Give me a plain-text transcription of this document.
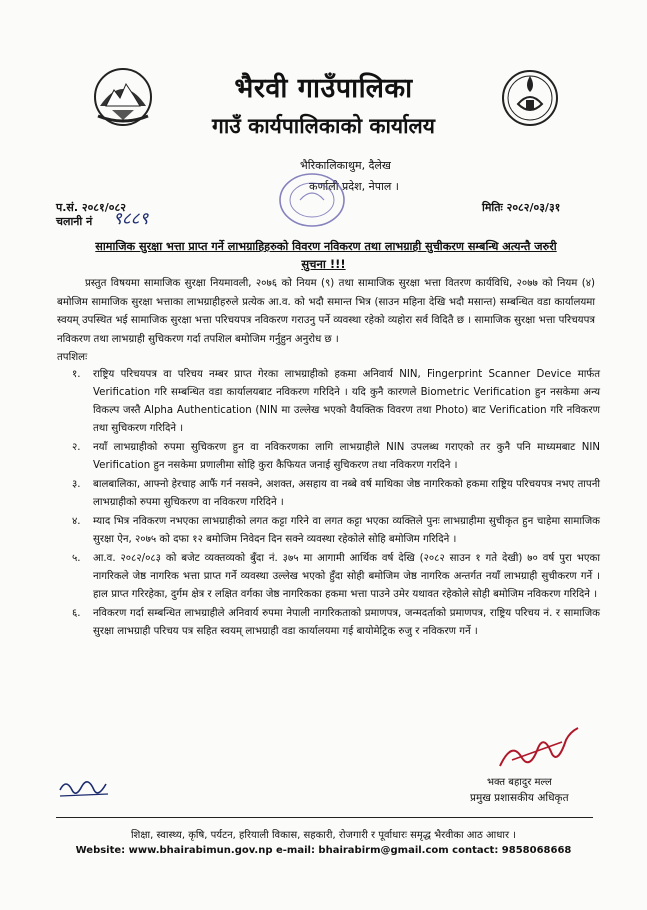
भैरवी गाउँपालिका
गाउँ कार्यपालिकाको कार्यालय
भैरिकालिकाथुम, दैलेख
कर्णाली प्रदेश, नेपाल ।
प.सं. २०८१/०८२	मितिः २०८२/०३/३१
चलानी नं ९८८९
सामाजिक सुरक्षा भत्ता प्राप्त गर्ने लाभग्राहिहरुको विवरण नविकरण तथा लाभग्राही सुचीकरण सम्बन्धि अत्यन्तै जरुरी
सुचना !!!
प्रस्तुत विषयमा सामाजिक सुरक्षा नियमावली, २०७६ को नियम (९) तथा सामाजिक सुरक्षा भत्ता वितरण कार्यविधि, २०७७ को नियम (४) बमोजिम सामाजिक सुरक्षा भत्ताका लाभग्राहीहरुले प्रत्येक आ.व. को भदौ समान्त भित्र (साउन महिना देखि भदौ मसान्त) सम्बन्धित वडा कार्यालयमा स्वयम् उपस्थित भई सामाजिक सुरक्षा भत्ता परिचयपत्र नविकरण गराउनु पर्ने व्यवस्था रहेको व्यहोरा सर्व विदितै छ । सामाजिक सुरक्षा भत्ता परिचयपत्र नविकरण तथा लाभग्राही सुचिकरण गर्दा तपशिल बमोजिम गर्नुहुन अनुरोध छ ।
तपशिलः
१. राष्ट्रिय परिचयपत्र वा परिचय नम्बर प्राप्त गेरका लाभग्राहीको हकमा अनिवार्य NIN, Fingerprint Scanner Device मार्फत Verification गरि सम्बन्धित वडा कार्यालयबाट नविकरण गरिदिने । यदि कुनै कारणले Biometric Verification हुन नसकेमा अन्य विकल्प जस्तै Alpha Authentication (NIN मा उल्लेख भएको वैयक्तिक विवरण तथा Photo) बाट Verification गरि नविकरण तथा सुचिकरण गरिदिने ।
२. नयाँ लाभग्राहीको रुपमा सुचिकरण हुन वा नविकरणका लागि लाभग्राहीले NIN उपलब्ध गराएको तर कुनै पनि माध्यमबाट NIN Verification हुन नसकेमा प्रणालीमा सोहि कुरा कैफियत जनाई सुचिकरण तथा नविकरण गरदिने ।
३. बालबालिका, आफ्नो हेरचाह आफैं गर्न नसक्ने, अशक्त, असहाय वा नब्बे वर्ष माथिका जेष्ठ नागरिकको हकमा राष्ट्रिय परिचयपत्र नभए तापनी लाभग्राहीको रुपमा सुचिकरण वा नविकरण गरिदिने ।
४. म्याद भित्र नविकरण नभएका लाभग्राहीको लगत कट्टा गरिने वा लगत कट्टा भएका व्यक्तिले पुनः लाभग्राहीमा सुचीकृत हुन चाहेमा सामाजिक सुरक्षा ऐन, २०७५ को दफा १२ बमोजिम निवेदन दिन सक्ने व्यवस्था रहेकोले सोहि बमोजिम गरिदिने ।
५. आ.व. २०८२/०८३ को बजेट व्यक्तव्यको बुँदा नं. ३७५ मा आगामी आर्थिक वर्ष देखि (२०८२ साउन १ गते देखी) ७० वर्ष पुरा भएका नागरिकले जेष्ठ नागरिक भत्ता प्राप्त गर्ने व्यवस्था उल्लेख भएको हुँदा सोही बमोजिम जेष्ठ नागरिक अन्तर्गत नयाँ लाभग्राही सुचीकरण गर्ने । हाल प्राप्त गरिरहेका, दुर्गम क्षेत्र र लक्षित वर्गका जेष्ठ नागरिकका हकमा भत्ता पाउने उमेर यथावत रहेकोले सोही बमोजिम नविकरण गरिदिने ।
६. नविकरण गर्दा सम्बन्धित लाभग्राहीले अनिवार्य रुपमा नेपाली नागरिकताको प्रमाणपत्र, जन्मदर्ताको प्रमाणपत्र, राष्ट्रिय परिचय नं. र सामाजिक सुरक्षा लाभग्राही परिचय पत्र सहित स्वयम् लाभग्राही वडा कार्यालयमा गई बायोमेट्रिक रुजु र नविकरण गर्ने ।
भक्त बहादुर मल्ल
प्रमुख प्रशासकीय अधिकृत
शिक्षा, स्वास्थ्य, कृषि, पर्यटन, हरियाली विकास, सहकारी, रोजगारी र पूर्वाधारः समृद्ध भैरवीका आठ आधार ।
Website: www.bhairabimun.gov.np e-mail: bhairabirm@gmail.com contact: 9858068668
